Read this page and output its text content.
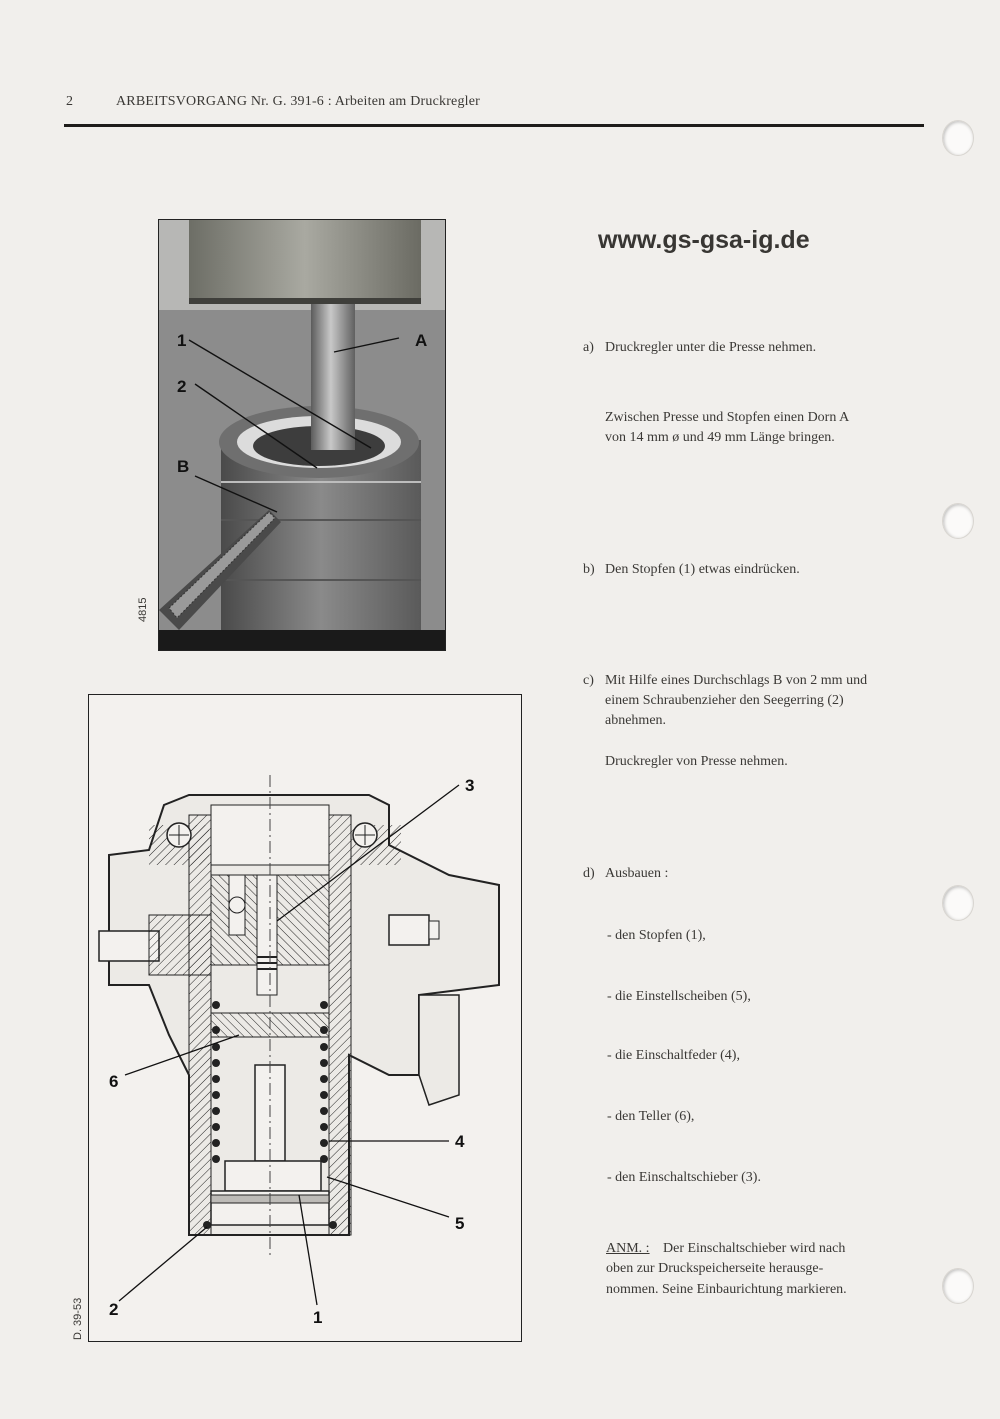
2	ARBEITSVORGANG Nr. G. 391-6 : Arbeiten am Druckregler
www.gs-gsa-ig.de
1	A
2
B
4815
3
6
4
5
2	1
D. 39-53
a) Druckregler unter die Presse nehmen.
Zwischen Presse und Stopfen einen Dorn A
von 14 mm ø und 49 mm Länge bringen.
b) Den Stopfen (1) etwas eindrücken.
c) Mit Hilfe eines Durchschlags B von 2 mm und
einem Schraubenzieher den Seegerring (2)
abnehmen.
Druckregler von Presse nehmen.
d) Ausbauen :
- den Stopfen (1),
- die Einstellscheiben (5),
- die Einschaltfeder (4),
- den Teller (6),
- den Einschaltschieber (3).
ANM. : Der Einschaltschieber wird nach
oben zur Druckspeicherseite herausge-
nommen. Seine Einbaurichtung markieren.
